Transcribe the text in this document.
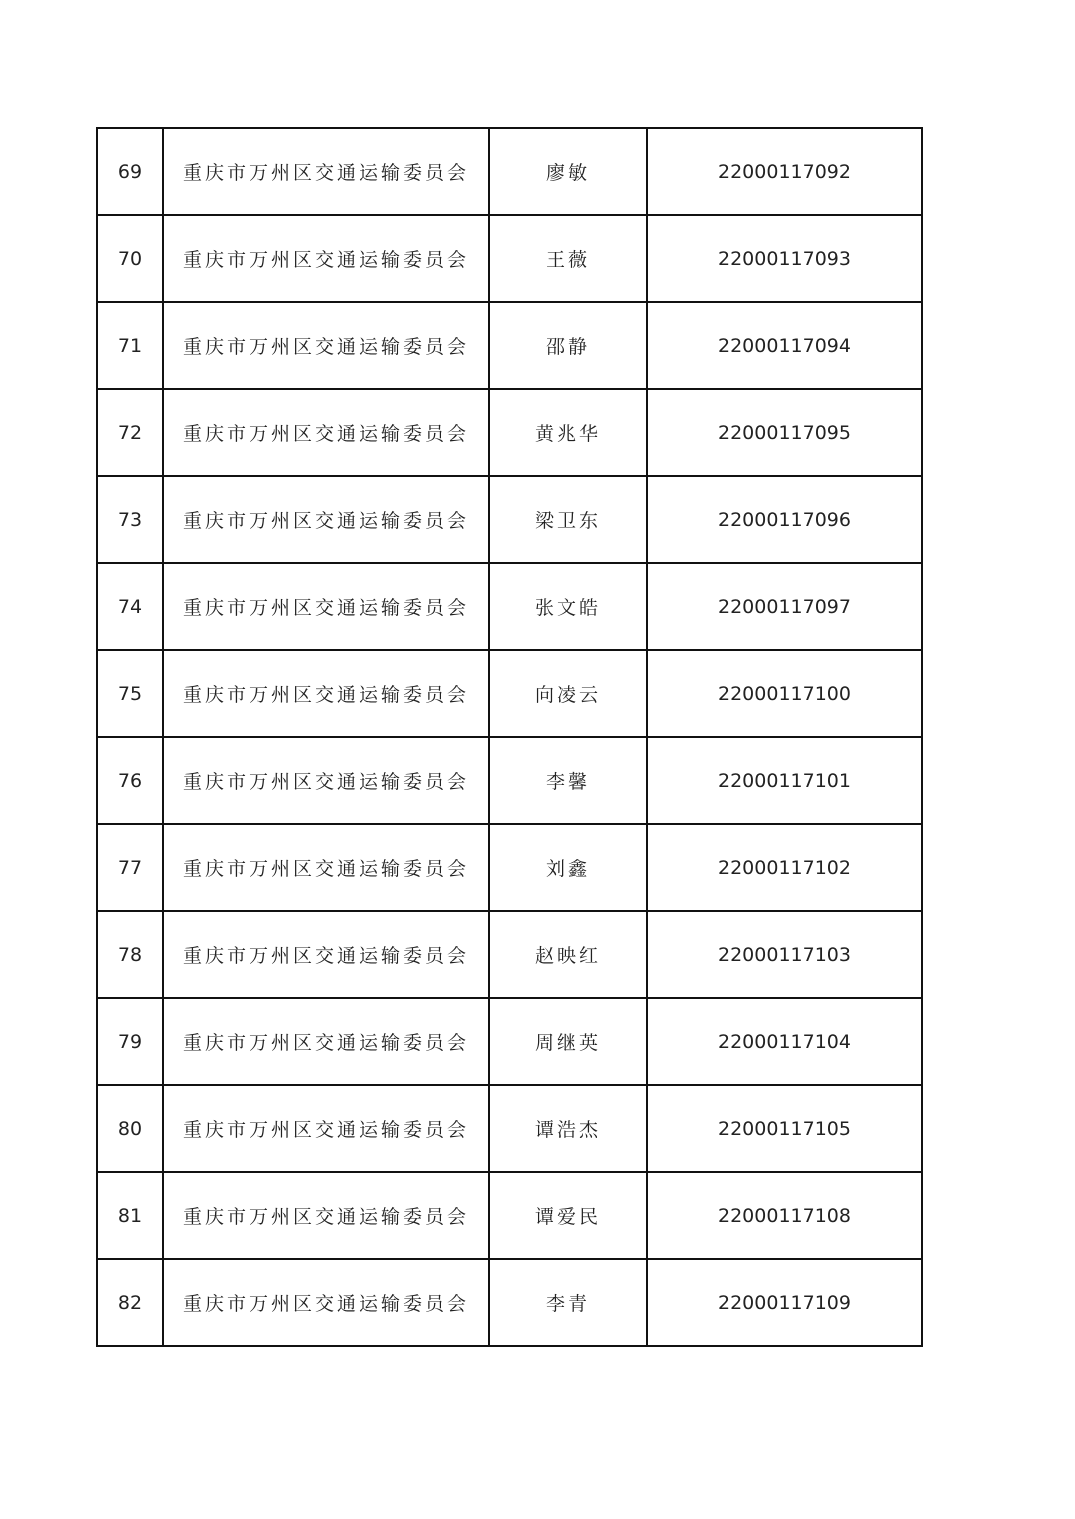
69	重庆市万州区交通运输委员会	廖敏	22000117092
70	重庆市万州区交通运输委员会	王薇	22000117093
71	重庆市万州区交通运输委员会	邵静	22000117094
72	重庆市万州区交通运输委员会	黄兆华	22000117095
73	重庆市万州区交通运输委员会	梁卫东	22000117096
74	重庆市万州区交通运输委员会	张文皓	22000117097
75	重庆市万州区交通运输委员会	向凌云	22000117100
76	重庆市万州区交通运输委员会	李馨	22000117101
77	重庆市万州区交通运输委员会	刘鑫	22000117102
78	重庆市万州区交通运输委员会	赵映红	22000117103
79	重庆市万州区交通运输委员会	周继英	22000117104
80	重庆市万州区交通运输委员会	谭浩杰	22000117105
81	重庆市万州区交通运输委员会	谭爱民	22000117108
82	重庆市万州区交通运输委员会	李青	22000117109
